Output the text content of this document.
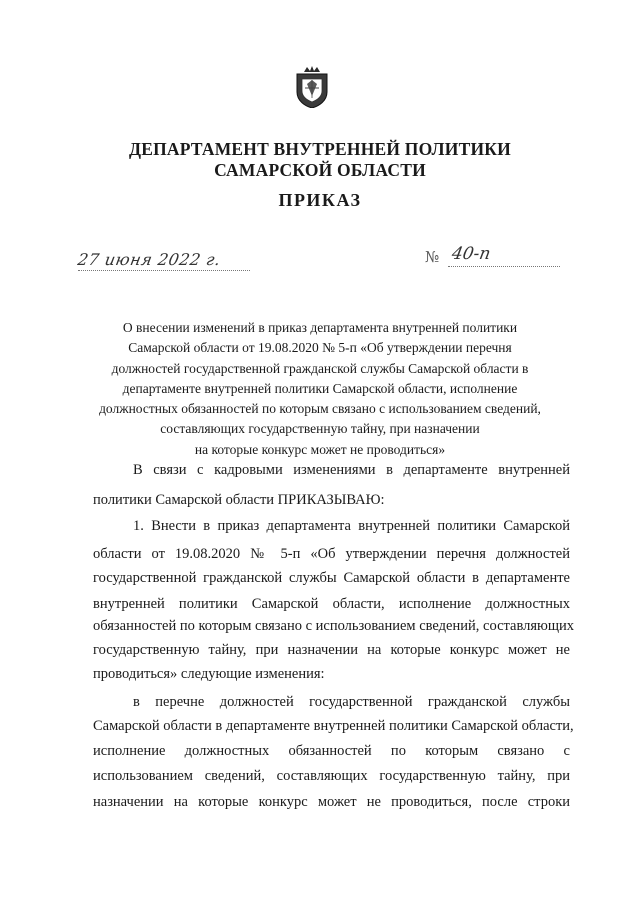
ДЕПАРТАМЕНТ ВНУТРЕННЕЙ ПОЛИТИКИ
САМАРСКОЙ ОБЛАСТИ
ПРИКАЗ
27 июня 2022 г.	№ 40-п
О внесении изменений в приказ департамента внутренней политики
Самарской области от 19.08.2020 № 5-п «Об утверждении перечня
должностей государственной гражданской службы Самарской области в
департаменте внутренней политики Самарской области, исполнение
должностных обязанностей по которым связано с использованием сведений,
составляющих государственную тайну, при назначении
на которые конкурс может не проводиться»
В связи с кадровыми изменениями в департаменте внутренней
политики Самарской области ПРИКАЗЫВАЮ:
1. Внести в приказ департамента внутренней политики Самарской
области от 19.08.2020 № 5-п «Об утверждении перечня должностей
государственной гражданской службы Самарской области в департаменте
внутренней политики Самарской области, исполнение должностных
обязанностей по которым связано с использованием сведений, составляющих
государственную тайну, при назначении на которые конкурс может не
проводиться» следующие изменения:
в перечне должностей государственной гражданской службы
Самарской области в департаменте внутренней политики Самарской области,
исполнение должностных обязанностей по которым связано с
использованием сведений, составляющих государственную тайну, при
назначении на которые конкурс может не проводиться, после строки
